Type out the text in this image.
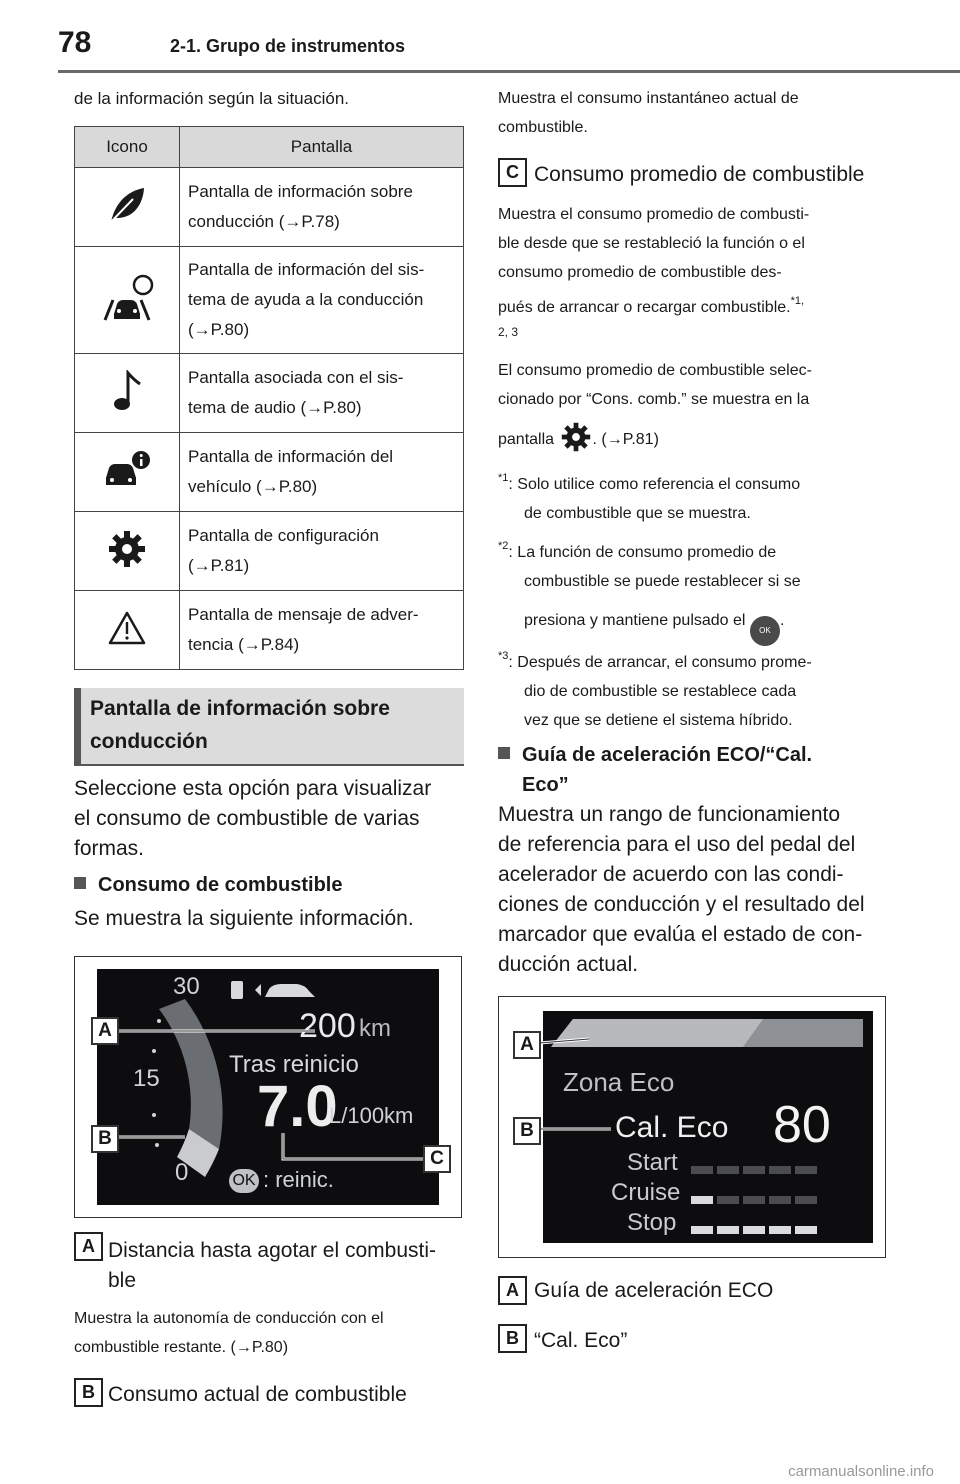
78	2-1. Grupo de instrumentos
de la información según la situación.
Icono	Pantalla

Pantalla de información sobre
conducción (→P.78)

Pantalla de información del sis-
tema de ayuda a la conducción
(→P.80)

Pantalla asociada con el sis-
tema de audio (→P.80)

Pantalla de información del
vehículo (→P.80)

Pantalla de configuración
(→P.81)

Pantalla de mensaje de adver-
tencia (→P.84)
Pantalla de información sobre
conducción
Seleccione esta opción para visualizar
el consumo de combustible de varias
formas.
Consumo de combustible
Se muestra la siguiente información.
30
15
0
200 km
Tras reinicio
7.0
L/100km
OK : reinic.
A
B
C
A Distancia hasta agotar el combusti-
ble
Muestra la autonomía de conducción con el
combustible restante. (→P.80)
B Consumo actual de combustible
Muestra el consumo instantáneo actual de
combustible.
C Consumo promedio de combustible
Muestra el consumo promedio de combusti-
ble desde que se restableció la función o el
consumo promedio de combustible des-
pués de arrancar o recargar combustible.$^{*1,}$
2, 3
El consumo promedio de combustible selec-
cionado por “Cons. comb.” se muestra en la
pantalla . (→P.81)
$^{*1}$: Solo utilice como referencia el consumo
de combustible que se muestra.
$^{*2}$: La función de consumo promedio de
combustible se puede restablecer si se
presiona y mantiene pulsado el OK.
$^{*3}$: Después de arrancar, el consumo prome-
dio de combustible se restablece cada
vez que se detiene el sistema híbrido.
Guía de aceleración ECO/“Cal.
Eco”
Muestra un rango de funcionamiento
de referencia para el uso del pedal del
acelerador de acuerdo con las condi-
ciones de conducción y el resultado del
marcador que evalúa el estado de con-
ducción actual.
Zona Eco
Cal. Eco 80
Start
Cruise
Stop
A
B
A Guía de aceleración ECO
B “Cal. Eco”
carmanualsonline.info
